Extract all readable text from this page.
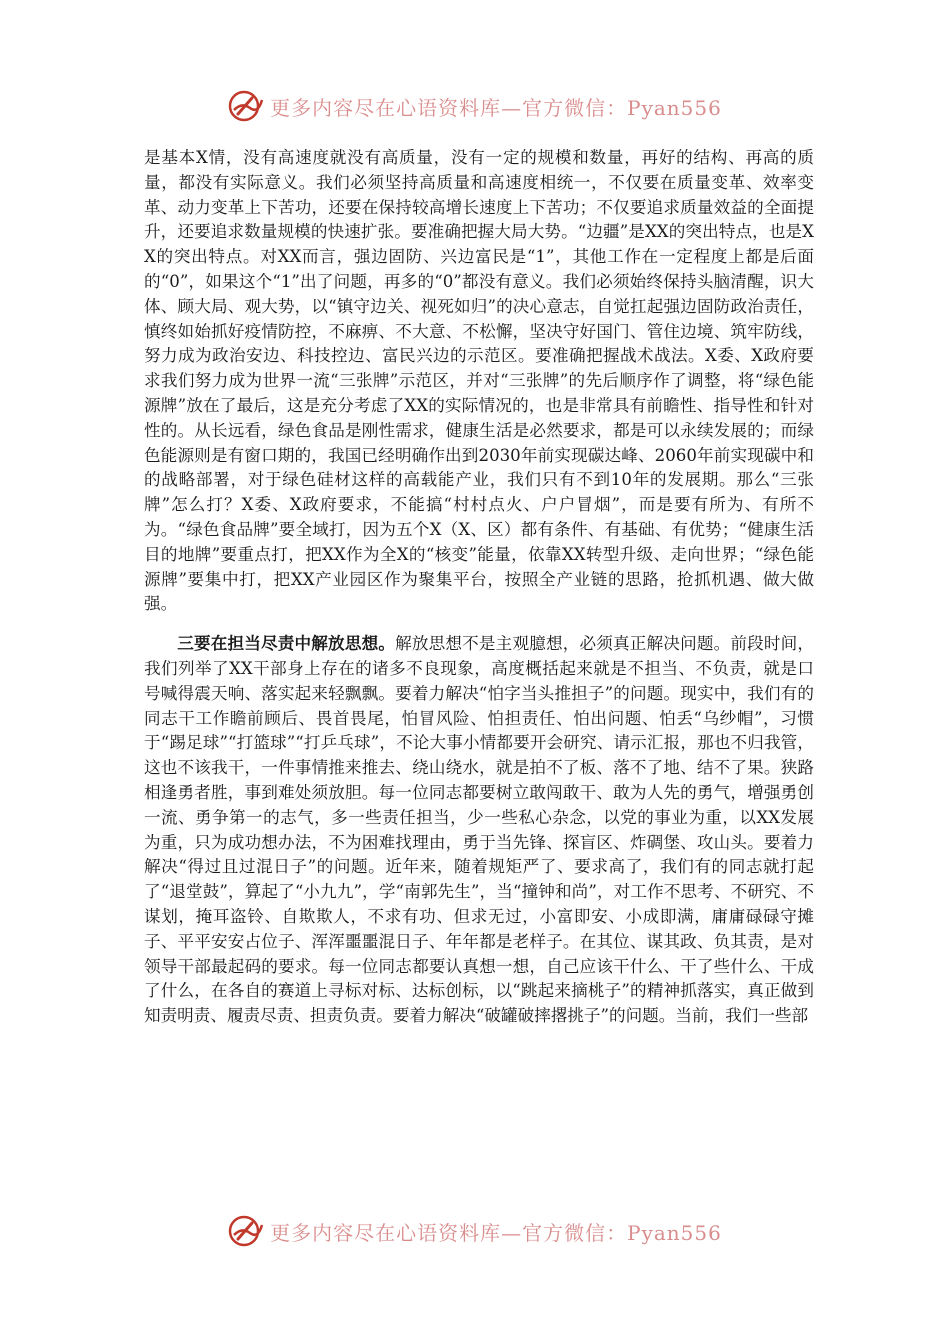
更多内容尽在心语资料库—官方微信：Pyan556

是基本X情，没有高速度就没有高质量，没有一定的规模和数量，再好的结构、再高的质量，都没有实际意义。我们必须坚持高质量和高速度相统一，不仅要在质量变革、效率变革、动力变革上下苦功，还要在保持较高增长速度上下苦功；不仅要追求质量效益的全面提升，还要追求数量规模的快速扩张。要准确把握大局大势。“边疆”是XX的突出特点，也是XX的突出特点。对XX而言，强边固防、兴边富民是“1”，其他工作在一定程度上都是后面的“0”，如果这个“1”出了问题，再多的“0”都没有意义。我们必须始终保持头脑清醒，识大体、顾大局、观大势，以“镇守边关、视死如归”的决心意志，自觉扛起强边固防政治责任，慎终如始抓好疫情防控，不麻痹、不大意、不松懈，坚决守好国门、管住边境、筑牢防线，努力成为政治安边、科技控边、富民兴边的示范区。要准确把握战术战法。X委、X政府要求我们努力成为世界一流“三张牌”示范区，并对“三张牌”的先后顺序作了调整，将“绿色能源牌”放在了最后，这是充分考虑了XX的实际情况的，也是非常具有前瞻性、指导性和针对性的。从长远看，绿色食品是刚性需求，健康生活是必然要求，都是可以永续发展的；而绿色能源则是有窗口期的，我国已经明确作出到2030年前实现碳达峰、2060年前实现碳中和的战略部署，对于绿色硅材这样的高载能产业，我们只有不到10年的发展期。那么“三张牌”怎么打？X委、X政府要求，不能搞“村村点火、户户冒烟”，而是要有所为、有所不为。“绿色食品牌”要全域打，因为五个X（X、区）都有条件、有基础、有优势；“健康生活目的地牌”要重点打，把XX作为全X的“核变”能量，依靠XX转型升级、走向世界；“绿色能源牌”要集中打，把XX产业园区作为聚集平台，按照全产业链的思路，抢抓机遇、做大做强。

三要在担当尽责中解放思想。解放思想不是主观臆想，必须真正解决问题。前段时间，我们列举了XX干部身上存在的诸多不良现象，高度概括起来就是不担当、不负责，就是口号喊得震天响、落实起来轻飘飘。要着力解决“怕字当头推担子”的问题。现实中，我们有的同志干工作瞻前顾后、畏首畏尾，怕冒风险、怕担责任、怕出问题、怕丢“乌纱帽”，习惯于“踢足球”“打篮球”“打乒乓球”，不论大事小情都要开会研究、请示汇报，那也不归我管，这也不该我干，一件事情推来推去、绕山绕水，就是拍不了板、落不了地、结不了果。狭路相逢勇者胜，事到难处须放胆。每一位同志都要树立敢闯敢干、敢为人先的勇气，增强勇创一流、勇争第一的志气，多一些责任担当，少一些私心杂念，以党的事业为重，以XX发展为重，只为成功想办法，不为困难找理由，勇于当先锋、探盲区、炸碉堡、攻山头。要着力解决“得过且过混日子”的问题。近年来，随着规矩严了、要求高了，我们有的同志就打起了“退堂鼓”，算起了“小九九”，学“南郭先生”，当“撞钟和尚”，对工作不思考、不研究、不谋划，掩耳盗铃、自欺欺人，不求有功、但求无过，小富即安、小成即满，庸庸碌碌守摊子、平平安安占位子、浑浑噩噩混日子、年年都是老样子。在其位、谋其政、负其责，是对领导干部最起码的要求。每一位同志都要认真想一想，自己应该干什么、干了些什么、干成了什么，在各自的赛道上寻标对标、达标创标，以“跳起来摘桃子”的精神抓落实，真正做到知责明责、履责尽责、担责负责。要着力解决“破罐破摔撂挑子”的问题。当前，我们一些部

更多内容尽在心语资料库—官方微信：Pyan556
